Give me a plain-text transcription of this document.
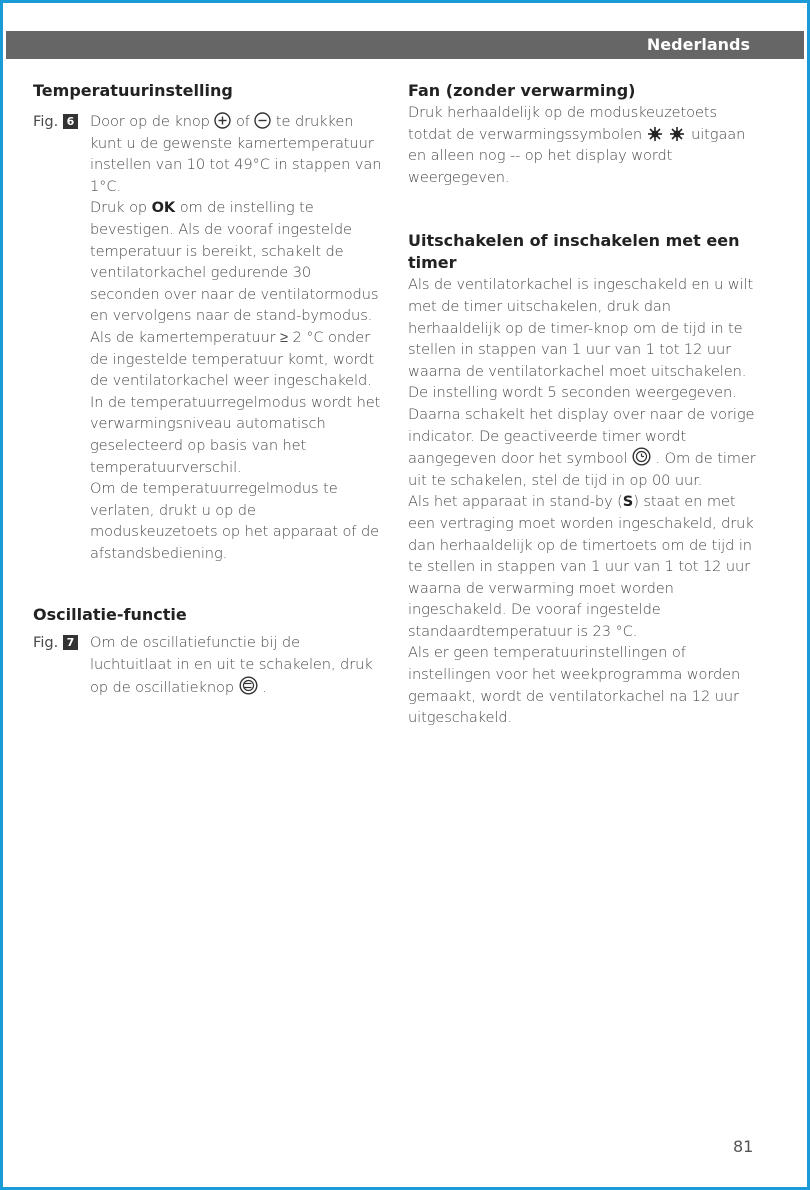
Nederlands
Temperatuurinstelling
Fig. 6	Door op de knop of te drukken kunt u de gewenste kamertemperatuur instellen van 10 tot 49°C in stappen van 1°C.
Druk op OK om de instelling te bevestigen. Als de vooraf ingestelde temperatuur is bereikt, schakelt de ventilatorkachel gedurende 30 seconden over naar de ventilatormodus en vervolgens naar de stand-bymodus. Als de kamertemperatuur ≥ 2 °C onder de ingestelde temperatuur komt, wordt de ventilatorkachel weer ingeschakeld. In de temperatuurregelmodus wordt het verwarmingsniveau automatisch geselecteerd op basis van het temperatuurverschil.
Om de temperatuurregelmodus te verlaten, drukt u op de moduskeuzetoets op het apparaat of de afstandsbediening.
Oscillatie-functie
Fig. 7	Om de oscillatiefunctie bij de luchtuitlaat in en uit te schakelen, druk op de oscillatieknop .
Fan (zonder verwarming)
Druk herhaaldelijk op de moduskeuzetoets totdat de verwarmingssymbolen	uitgaan en alleen nog -- op het display wordt weergegeven.
Uitschakelen of inschakelen met een timer
Als de ventilatorkachel is ingeschakeld en u wilt met de timer uitschakelen, druk dan herhaaldelijk op de timer-knop om de tijd in te stellen in stappen van 1 uur van 1 tot 12 uur waarna de ventilatorkachel moet uitschakelen. De instelling wordt 5 seconden weergegeven. Daarna schakelt het display over naar de vorige indicator. De geactiveerde timer wordt aangegeven door het symbool . Om de timer uit te schakelen, stel de tijd in op 00 uur.
Als het apparaat in stand-by (S) staat en met een vertraging moet worden ingeschakeld, druk dan herhaaldelijk op de timertoets om de tijd in te stellen in stappen van 1 uur van 1 tot 12 uur waarna de verwarming moet worden ingeschakeld. De vooraf ingestelde standaardtemperatuur is 23 °C.
Als er geen temperatuurinstellingen of instellingen voor het weekprogramma worden gemaakt, wordt de ventilatorkachel na 12 uur uitgeschakeld.
81
